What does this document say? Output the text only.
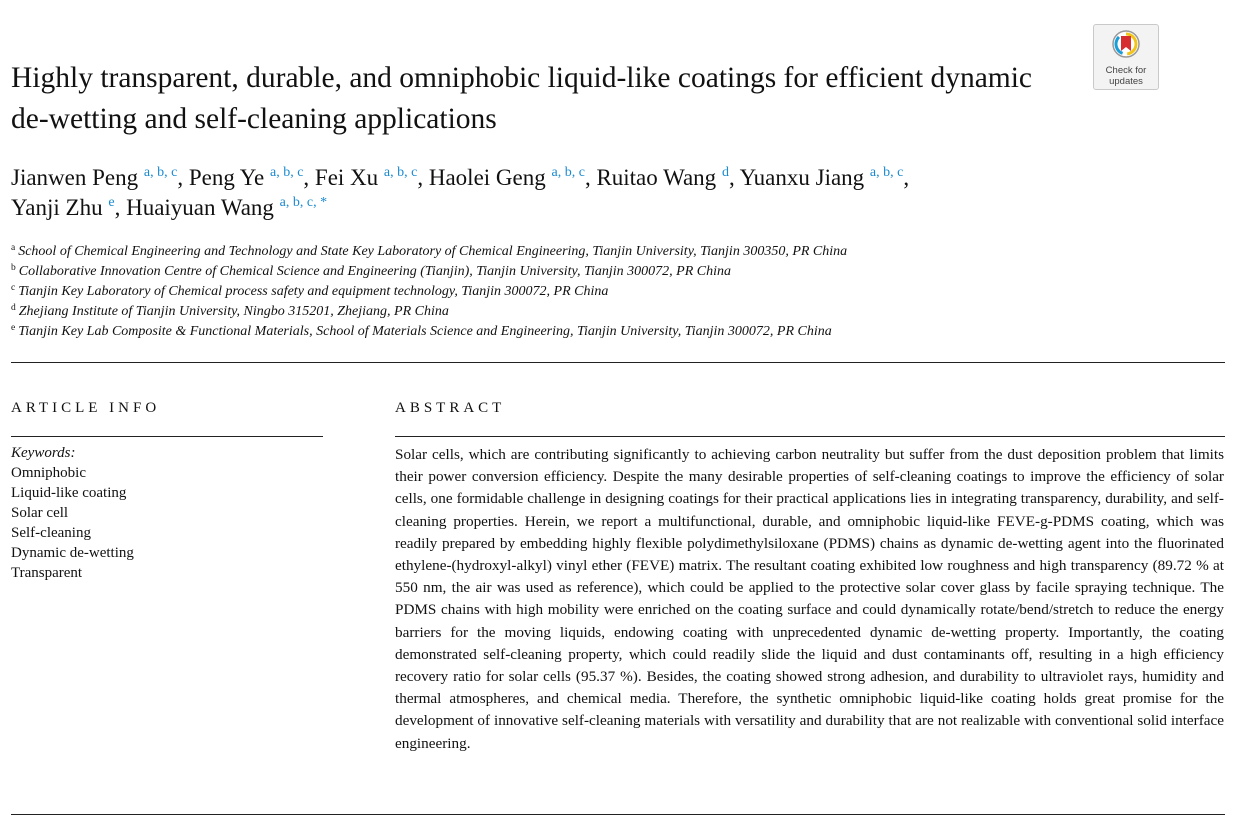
Highly transparent, durable, and omniphobic liquid-like coatings for efficient dynamic de-wetting and self-cleaning applications
Check for
updates
Jianwen Peng $^{a, b, c}$, Peng Ye $^{a, b, c}$, Fei Xu $^{a, b, c}$, Haolei Geng $^{a, b, c}$, Ruitao Wang $^d$, Yuanxu Jiang $^{a, b, c}$,
Yanji Zhu $^e$, Huaiyuan Wang $^{a, b, c, *}$
$^a$ School of Chemical Engineering and Technology and State Key Laboratory of Chemical Engineering, Tianjin University, Tianjin 300350, PR China
$^b$ Collaborative Innovation Centre of Chemical Science and Engineering (Tianjin), Tianjin University, Tianjin 300072, PR China
$^c$ Tianjin Key Laboratory of Chemical process safety and equipment technology, Tianjin 300072, PR China
$^d$ Zhejiang Institute of Tianjin University, Ningbo 315201, Zhejiang, PR China
$^e$ Tianjin Key Lab Composite & Functional Materials, School of Materials Science and Engineering, Tianjin University, Tianjin 300072, PR China
ARTICLE INFO	ABSTRACT
Keywords:
Omniphobic
Liquid-like coating
Solar cell
Self-cleaning
Dynamic de-wetting
Transparent

Solar cells, which are contributing significantly to achieving carbon neutrality but suffer from the dust deposition problem that limits their power conversion efficiency. Despite the many desirable properties of self-cleaning coatings to improve the efficiency of solar cells, one formidable challenge in designing coatings for their practical applications lies in integrating transparency, durability, and self-cleaning properties. Herein, we report a multifunctional, durable, and omniphobic liquid-like FEVE-g-PDMS coating, which was readily prepared by embedding highly flexible polydimethylsiloxane (PDMS) chains as dynamic de-wetting agent into the fluorinated ethylene-(hydroxyl-alkyl) vinyl ether (FEVE) matrix. The resultant coating exhibited low roughness and high transparency (89.72 % at 550 nm, the air was used as reference), which could be applied to the protective solar cover glass by facile spraying technique. The PDMS chains with high mobility were enriched on the coating surface and could dynamically rotate/bend/stretch to reduce the energy barriers for the moving liquids, endowing coating with unprecedented dynamic de-wetting property. Importantly, the coating demonstrated self-cleaning property, which could readily slide the liquid and dust contaminants off, resulting in a high efficiency recovery ratio for solar cells (95.37 %). Besides, the coating showed strong adhesion, and durability to ultraviolet rays, humidity and thermal atmospheres, and chemical media. Therefore, the synthetic omniphobic liquid-like coating holds great promise for the development of innovative self-cleaning materials with versatility and durability that are not realizable with conventional solid interface engineering.
